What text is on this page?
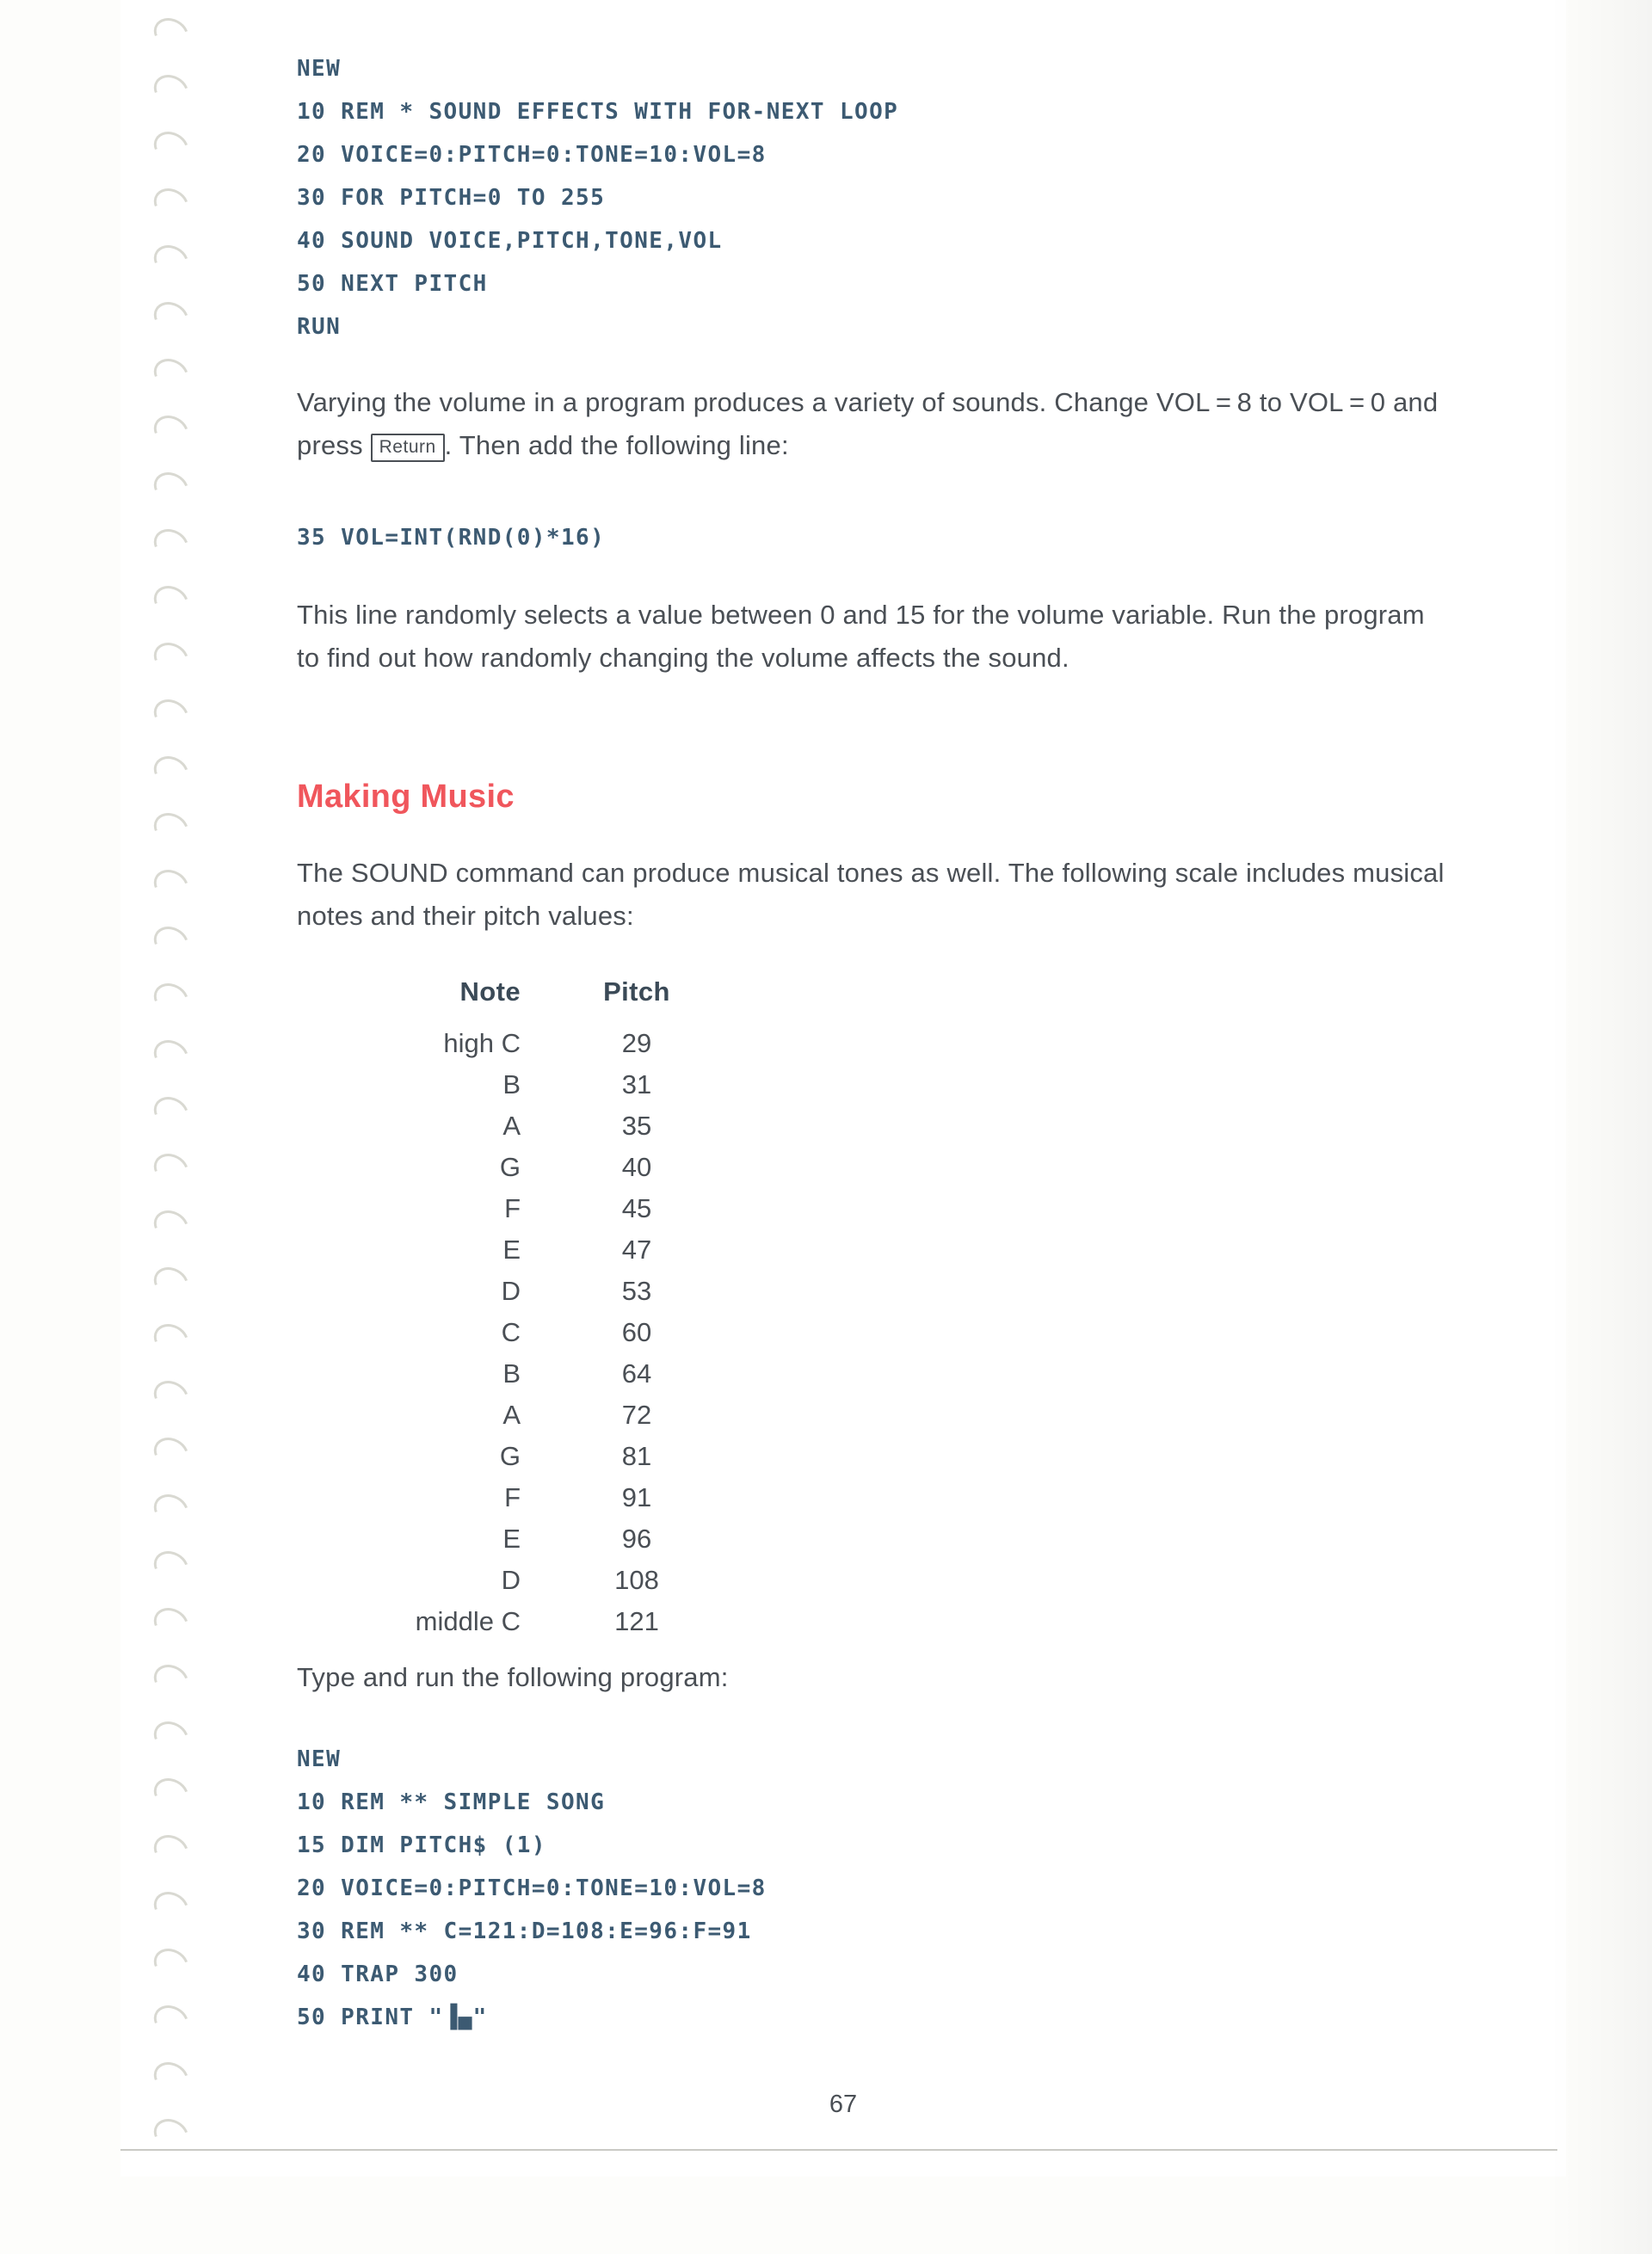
NEW
10 REM * SOUND EFFECTS WITH FOR-NEXT LOOP
20 VOICE=0:PITCH=0:TONE=10:VOL=8
30 FOR PITCH=0 TO 255
40 SOUND VOICE,PITCH,TONE,VOL
50 NEXT PITCH
RUN
Varying the volume in a program produces a variety of sounds. Change VOL = 8 to VOL = 0 and press Return . Then add the following line:
35 VOL=INT(RND(0)*16)
This line randomly selects a value between 0 and 15 for the volume variable. Run the program to find out how randomly changing the volume affects the sound.
Making Music
The SOUND command can produce musical tones as well. The following scale includes musical notes and their pitch values:
Note	Pitch
high C	29
B	31
A	35
G	40
F	45
E	47
D	53
C	60
B	64
A	72
G	81
F	91
E	96
D	108
middle C	121
Type and run the following program:
NEW
10 REM ** SIMPLE SONG
15 DIM PITCH$ (1)
20 VOICE=0:PITCH=0:TONE=10:VOL=8
30 REM ** C=121:D=108:E=96:F=91
40 TRAP 300
50 PRINT "▐▄"
67
